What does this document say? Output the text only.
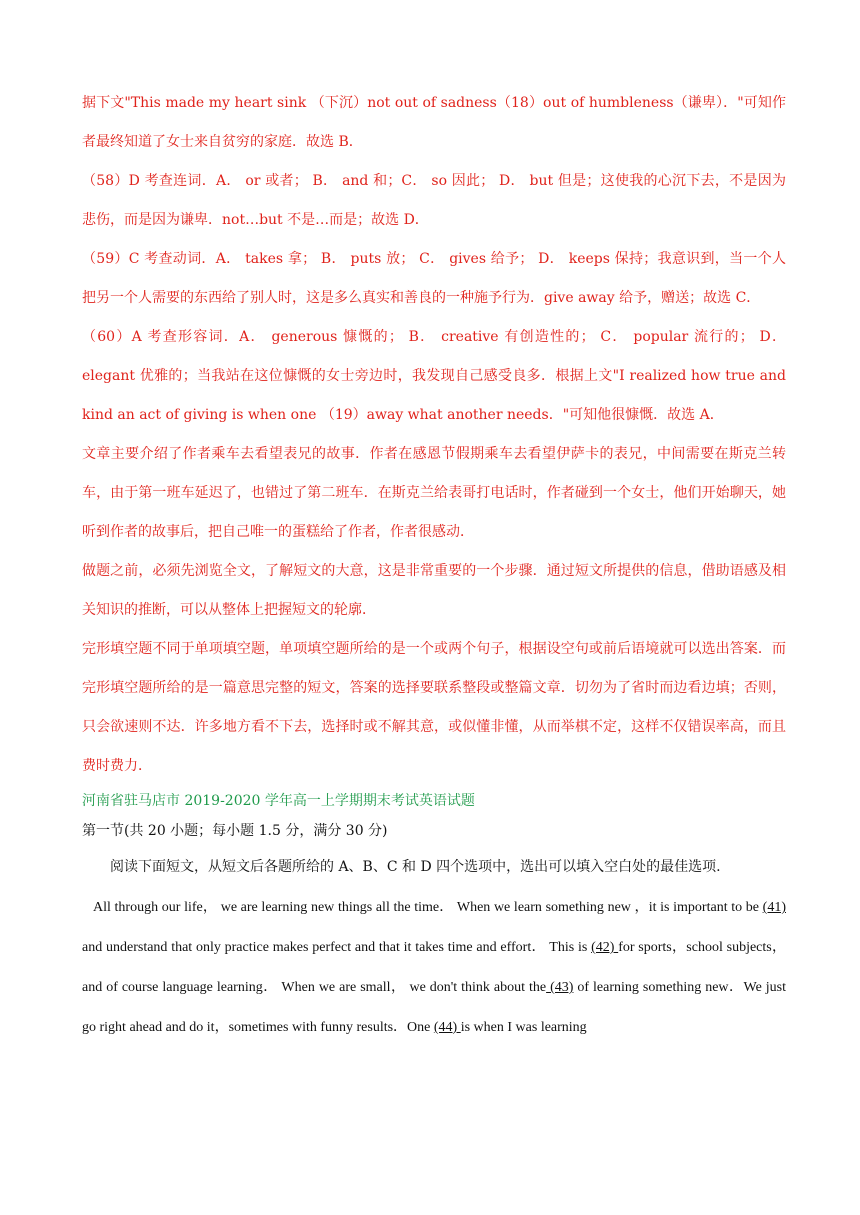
据下文"This made my heart sink （下沉）not out of sadness（18）out of humbleness（谦卑）．"可知作者最终知道了女士来自贫穷的家庭．故选 B．

（58）D 考查连词．A． or 或者； B． and 和；C． so 因此； D． but 但是；这使我的心沉下去，不是因为悲伤，而是因为谦卑．not…but 不是…而是；故选 D．

（59）C 考查动词．A． takes 拿； B． puts 放； C． gives 给予； D． keeps 保持；我意识到，当一个人把另一个人需要的东西给了别人时，这是多么真实和善良的一种施予行为．give away 给予，赠送；故选 C．

（60）A 考查形容词．A． generous 慷慨的； B． creative 有创造性的； C． popular 流行的； D． elegant 优雅的；当我站在这位慷慨的女士旁边时，我发现自己感受良多．根据上文"I realized how true and kind an act of giving is when one （19）away what another needs．"可知他很慷慨．故选 A．

文章主要介绍了作者乘车去看望表兄的故事．作者在感恩节假期乘车去看望伊萨卡的表兄，中间需要在斯克兰转车，由于第一班车延迟了，也错过了第二班车．在斯克兰给表哥打电话时，作者碰到一个女士，他们开始聊天，她听到作者的故事后，把自己唯一的蛋糕给了作者，作者很感动．

做题之前，必须先浏览全文，了解短文的大意，这是非常重要的一个步骤．通过短文所提供的信息，借助语感及相关知识的推断，可以从整体上把握短文的轮廓．

完形填空题不同于单项填空题，单项填空题所给的是一个或两个句子，根据设空句或前后语境就可以选出答案．而完形填空题所给的是一篇意思完整的短文，答案的选择要联系整段或整篇文章．切勿为了省时而边看边填；否则，只会欲速则不达．许多地方看不下去，选择时或不解其意，或似懂非懂，从而举棋不定，这样不仅错误率高，而且费时费力．

河南省驻马店市 2019-2020 学年高一上学期期末考试英语试题
第一节(共 20 小题；每小题 1.5 分，满分 30 分)
阅读下面短文，从短文后各题所给的 A、B、C 和 D 四个选项中，选出可以填入空白处的最佳选项.
All through our life， we are learning new things all the time． When we learn something new ，it is important to be (41) and understand that only practice makes perfect and that it takes time and effort． This is (42) for sports，school subjects， and of course language learning． When we are small， we don't think about the (43) of learning something new．We just go right ahead and do it，sometimes with funny results．One (44) is when I was learning
